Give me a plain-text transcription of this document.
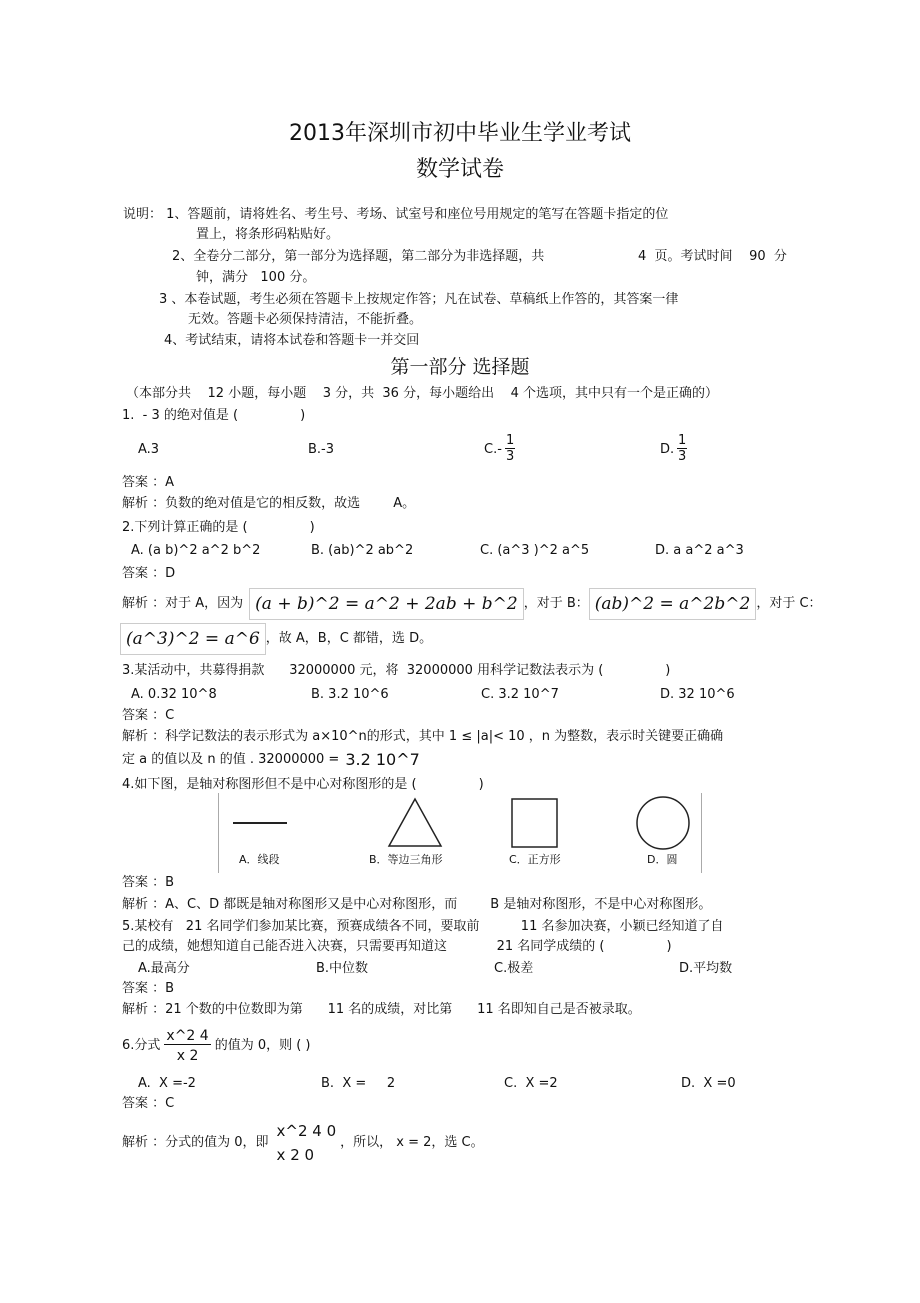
2013年深圳市初中毕业生学业考试
数学试卷
说明： 1、答题前，请将姓名、考生号、考场、试室号和座位号用规定的笔写在答题卡指定的位
置上，将条形码粘贴好。
2、全卷分二部分，第一部分为选择题，第二部分为非选择题，共	4  页。考试时间    90  分
钟，满分   100 分。
3 、本卷试题，考生必须在答题卡上按规定作答；凡在试卷、草稿纸上作答的，其答案一律
无效。答题卡必须保持清洁，不能折叠。
4、考试结束，请将本试卷和答题卡一并交回
第一部分 选择题
（本部分共    12 小题，每小题    3 分，共  36 分，每小题给出    4 个选项，其中只有一个是正确的）
1.  - 3 的绝对值是 (               )
A.3	B.-3	$C.- \frac{1}{3}$	D. $\frac{1}{3}$
答案 ：A
解析 ：负数的绝对值是它的相反数，故选        A。
2.下列计算正确的是 (               )
A. (a b)^2 a^2 b^2	B. (ab)^2 ab^2	C. (a^3 )^2 a^5	D. a a^2 a^3
答案 ：D
解析 ：对于 A，因为 (a + b)^2 = a^2 + 2ab + b^2 ，对于 B： (ab)^2 = a^2b^2 ，对于 C：
(a^3)^2 = a^6 ，故 A，B，C 都错，选 D。
3.某活动中，共募得捐款      32000000 元，将  32000000 用科学记数法表示为 (               )
A. 0.32 10^8	B. 3.2 10^6	C. 3.2 10^7	D. 32 10^6
答案 ：C
解析 ：科学记数法的表示形式为 a×10^n的形式，其中 1 ≤ |a|< 10 ，n 为整数，表示时关键要正确确
定 a 的值以及 n 的值 . 32000000 = 3.2 10^7
4.如下图，是轴对称图形但不是中心对称图形的是 (               )
A．线段	B．等边三角形	C．正方形	D．圆
答案 ：B
解析 ：A、C、D 都既是轴对称图形又是中心对称图形，而        B 是轴对称图形，不是中心对称图形。
5.某校有   21 名同学们参加某比赛，预赛成绩各不同，要取前          11 名参加决赛，小颖已经知道了自
己的成绩，她想知道自己能否进入决赛，只需要再知道这            21 名同学成绩的 (               )
A.最高分	B.中位数	C.极差	D.平均数
答案 ：B
解析 ：21 个数的中位数即为第      11 名的成绩，对比第      11 名即知自己是否被录取。
6.分式 $\frac{x\^{}2 4}{x 2}$ 的值为 0，则 ( )
A.  X =-2	B.  X =     2	C.  X =2	D.  X =0
答案 ：C
解析 ：分式的值为 0，即
x^2 4 0
x 2 0
，所以， x = 2，选 C。
